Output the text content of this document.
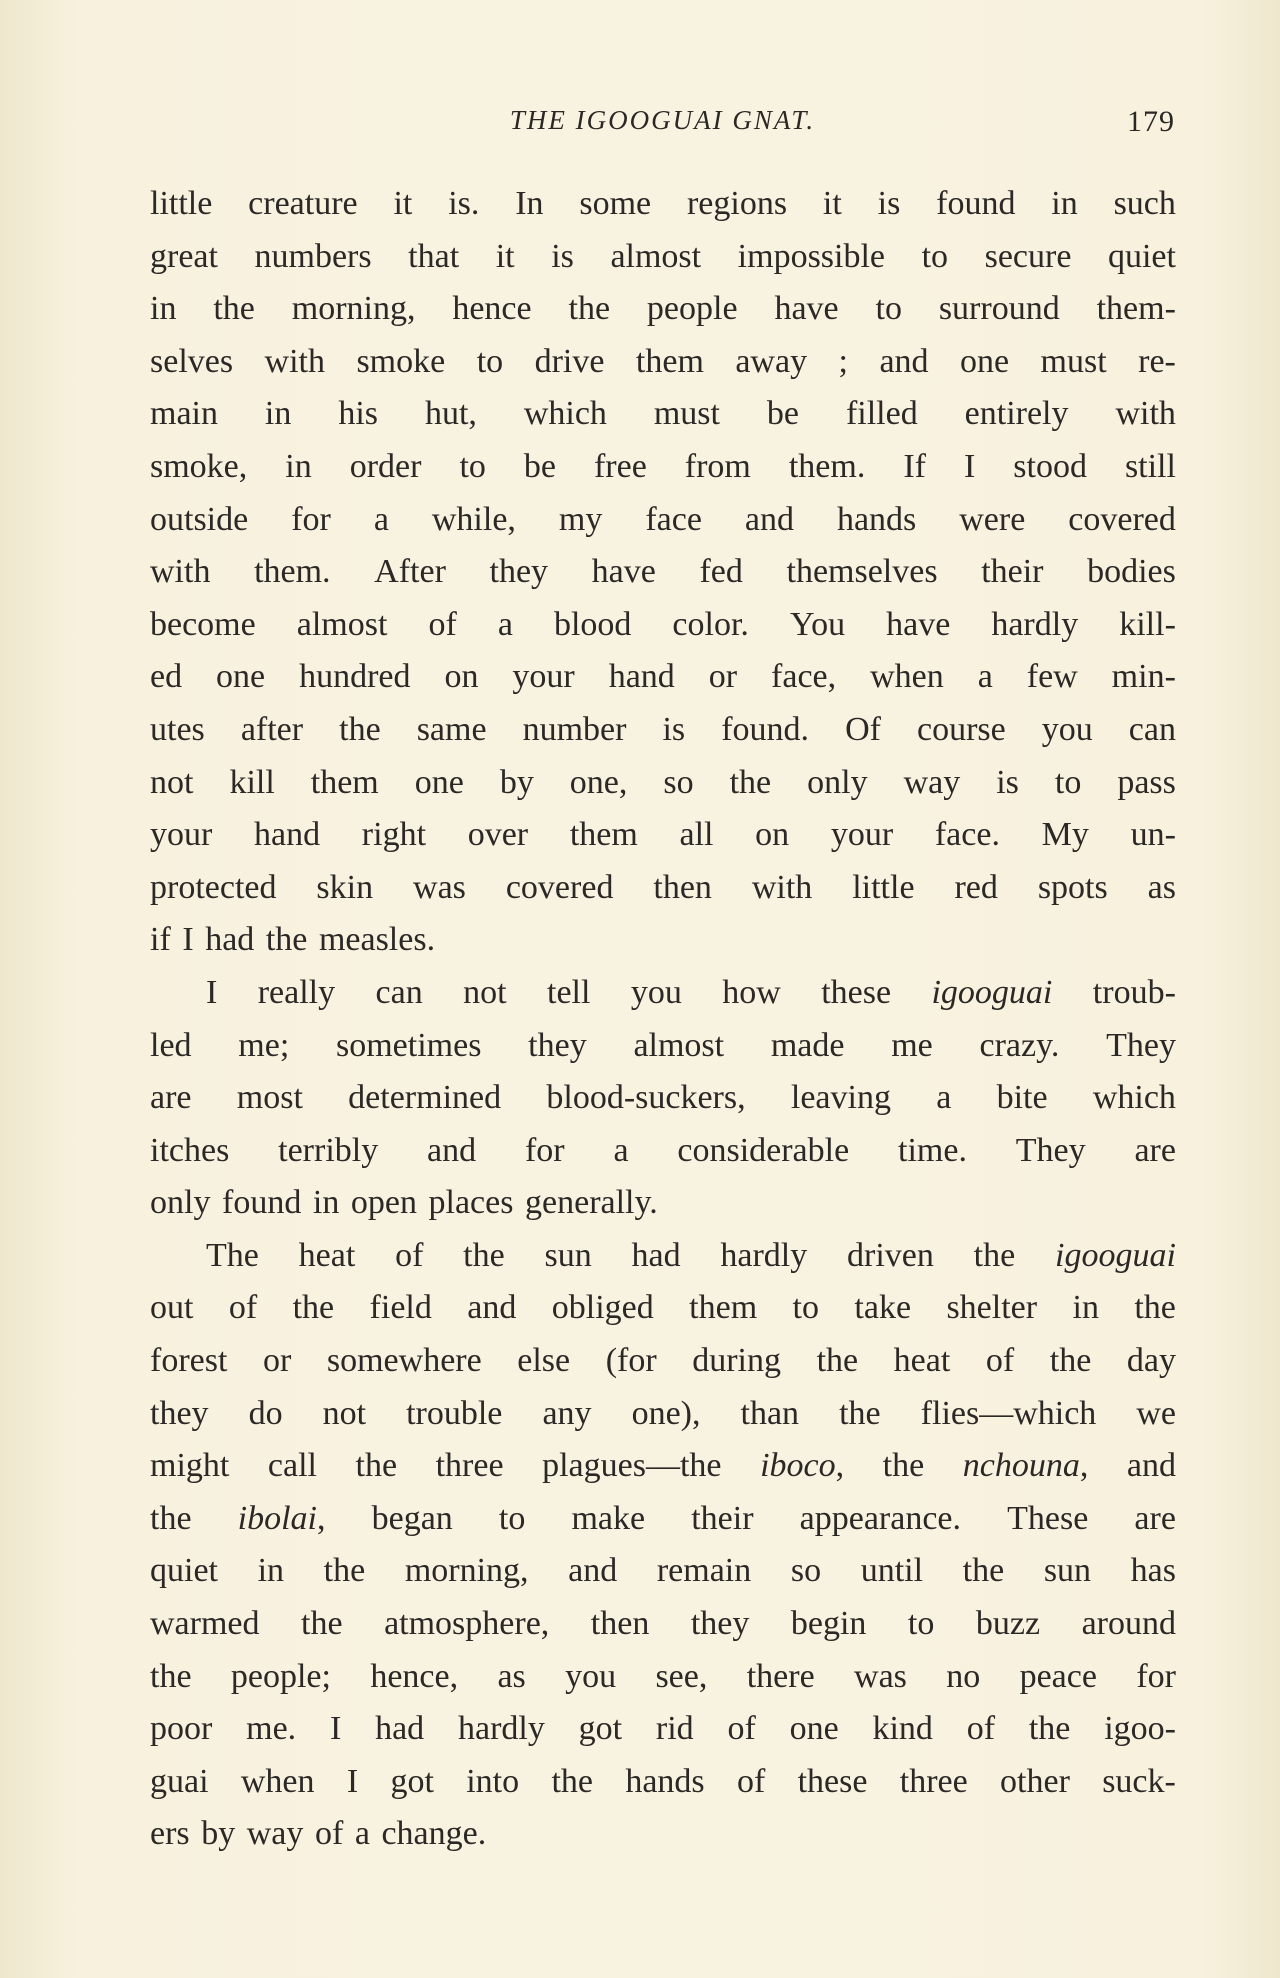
THE IGOOGUAI GNAT.	179
little creature it is. In some regions it is found in such
great numbers that it is almost impossible to secure quiet
in the morning, hence the people have to surround them-
selves with smoke to drive them away ; and one must re-
main in his hut, which must be filled entirely with
smoke, in order to be free from them. If I stood still
outside for a while, my face and hands were covered
with them. After they have fed themselves their bodies
become almost of a blood color. You have hardly kill-
ed one hundred on your hand or face, when a few min-
utes after the same number is found. Of course you can
not kill them one by one, so the only way is to pass
your hand right over them all on your face. My un-
protected skin was covered then with little red spots as
if I had the measles.
I really can not tell you how these igooguai troub-
led me; sometimes they almost made me crazy. They
are most determined blood-suckers, leaving a bite which
itches terribly and for a considerable time. They are
only found in open places generally.
The heat of the sun had hardly driven the igooguai
out of the field and obliged them to take shelter in the
forest or somewhere else (for during the heat of the day
they do not trouble any one), than the flies—which we
might call the three plagues—the iboco, the nchouna, and
the ibolai, began to make their appearance. These are
quiet in the morning, and remain so until the sun has
warmed the atmosphere, then they begin to buzz around
the people; hence, as you see, there was no peace for
poor me. I had hardly got rid of one kind of the igoo-
guai when I got into the hands of these three other suck-
ers by way of a change.
